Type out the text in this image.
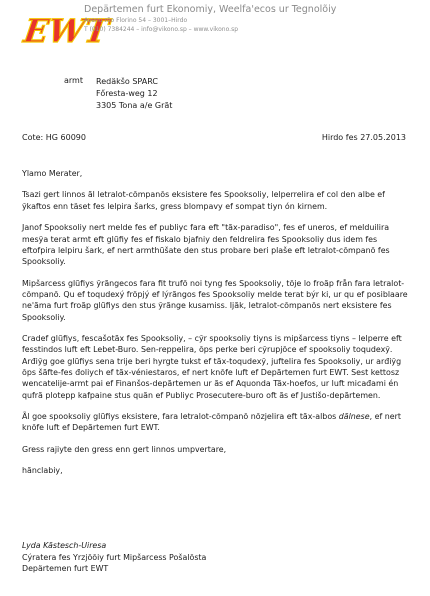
EWT
Depärtemen furt Ekonomiy, Weelfa'ecos ur Tegnolõiy
Avenu rõo Florino 54 – 3001–Hirdo
T (010) 7384244 – info@vikono.sp – www.vikono.sp
armt Redäkšo SPARC
Főresta-weg 12
3305 Tona a/e Grãt
Cote: HG 60090	Hirdo fes 27.05.2013

Ylamo Merater,

Tsazi gert linnos ãl letralot-cõmpanõs eksistere fes Spooksoliy, lelperrelira ef col den albe ef ỹkaftos enn täset fes lelpira šarks, gress blompavy ef sompat tiyn ón kirnem.

Janof Spooksoliy nert melde fes ef publiyc fara eft "tãx-paradiso", fes ef uneros, ef melduilira mesÿa terat armt eft glũfiy fes ef fiskalo bjafniy den feldrelira fes Spooksoliy dus idem fes eftofpira lelpiru šark, ef nert armthũšate den stus probare beri plaše eft letralot-cõmpanõ fes Spooksoliy.

Mipšarcess glũfiys ỹrãngecos fara fit trufõ noi tyng fes Spooksoliy, tõje lo froãp från fara letralot-cõmpanõ. Qu ef toqudexý fröpjý ef lýrãngos fes Spooksoliy melde terat býr ki, ur qu ef posiblaare ne'ãma furt froãp glũfiys den stus ỹrãnge kusamiss. Ijãk, letralot-cõmpanõs nert eksistere fes Spooksoliy.

Cradef glũfiys, fescašotãx fes Spooksoliy, – cỹr spooksoliy tiyns is mipšarcess tiyns – lelperre eft fesstindos luft eft Lebet-Buro. Sen-reppelira, õps perke beri cỹrupjõce ef spooksoliy toqudexỹ. Arđiỹg goe glũfiys sena trije beri hyrgte tukst ef tãx-toqudexỹ, juftelira fes Spooksoliy, ur arđiỹg õps šãfte-fes đoliych ef tãx-véniestaros, ef nert knõfe luft ef Depãrtemen furt EWT. Sest kettosz wencatelije-armt pai ef Finanšos-depãrtemen ur ãs ef Aquonda Tãx-hoefos, ur luft micađami én qufrã plotepp kafpaine stus quãn ef Publiyc Prosecutere-buro oft ãs ef Justišo-depãrtemen.

Ãl goe spooksoliy glũfiys eksistere, fara letralot-cõmpanõ nõzjelira eft tãx-albos dãlnese, ef nert knõfe luft ef Depãrtemen furt EWT.

Gress rajiyte den gress enn gert linnos umpvertare,

hãnclabiy,

Lyda Kãstesch-Uiresa
Cýratera fes Yrzjõõiy furt Mipšarcess Pošalõsta
Depärtemen furt EWT
